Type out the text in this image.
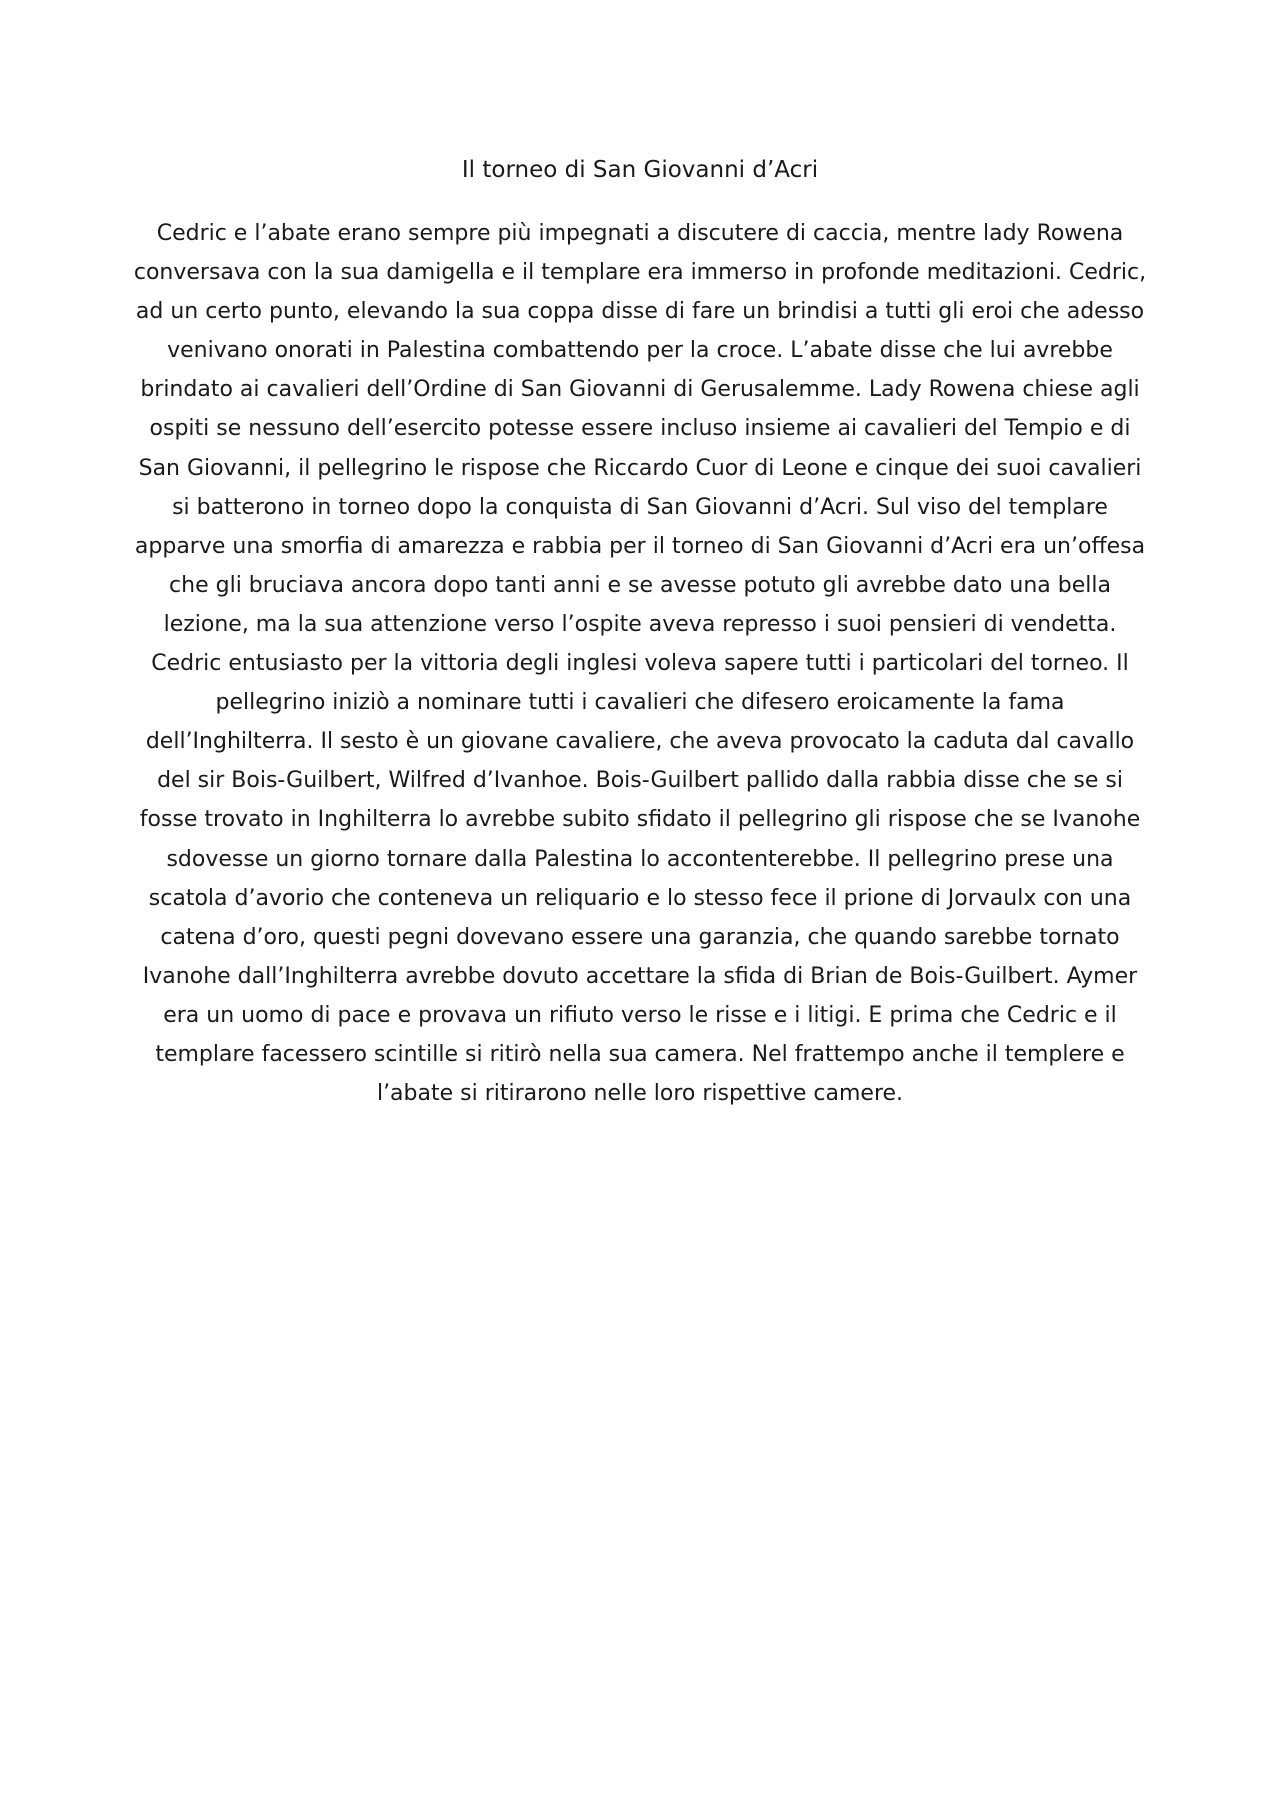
Il torneo di San Giovanni d’Acri

Cedric e l’abate erano sempre più impegnati a discutere di caccia, mentre lady Rowena
conversava con la sua damigella e il templare era immerso in profonde meditazioni. Cedric,
ad un certo punto, elevando la sua coppa disse di fare un brindisi a tutti gli eroi che adesso
venivano onorati in Palestina combattendo per la croce. L’abate disse che lui avrebbe
brindato ai cavalieri dell’Ordine di San Giovanni di Gerusalemme. Lady Rowena chiese agli
ospiti se nessuno dell’esercito potesse essere incluso insieme ai cavalieri del Tempio e di
San Giovanni, il pellegrino le rispose che Riccardo Cuor di Leone e cinque dei suoi cavalieri
si batterono in torneo dopo la conquista di San Giovanni d’Acri. Sul viso del templare
apparve una smorfia di amarezza e rabbia per il torneo di San Giovanni d’Acri era un’offesa
che gli bruciava ancora dopo tanti anni e se avesse potuto gli avrebbe dato una bella
lezione, ma la sua attenzione verso l’ospite aveva represso i suoi pensieri di vendetta.
Cedric entusiasto per la vittoria degli inglesi voleva sapere tutti i particolari del torneo. Il
pellegrino iniziò a nominare tutti i cavalieri che difesero eroicamente la fama
dell’Inghilterra. Il sesto è un giovane cavaliere, che aveva provocato la caduta dal cavallo
del sir Bois-Guilbert, Wilfred d’Ivanhoe. Bois-Guilbert pallido dalla rabbia disse che se si
fosse trovato in Inghilterra lo avrebbe subito sfidato il pellegrino gli rispose che se Ivanohe
sdovesse un giorno tornare dalla Palestina lo accontenterebbe. Il pellegrino prese una
scatola d’avorio che conteneva un reliquario e lo stesso fece il prione di Jorvaulx con una
catena d’oro, questi pegni dovevano essere una garanzia, che quando sarebbe tornato
Ivanohe dall’Inghilterra avrebbe dovuto accettare la sfida di Brian de Bois-Guilbert. Aymer
era un uomo di pace e provava un rifiuto verso le risse e i litigi. E prima che Cedric e il
templare facessero scintille si ritirò nella sua camera. Nel frattempo anche il templere e
l’abate si ritirarono nelle loro rispettive camere.
